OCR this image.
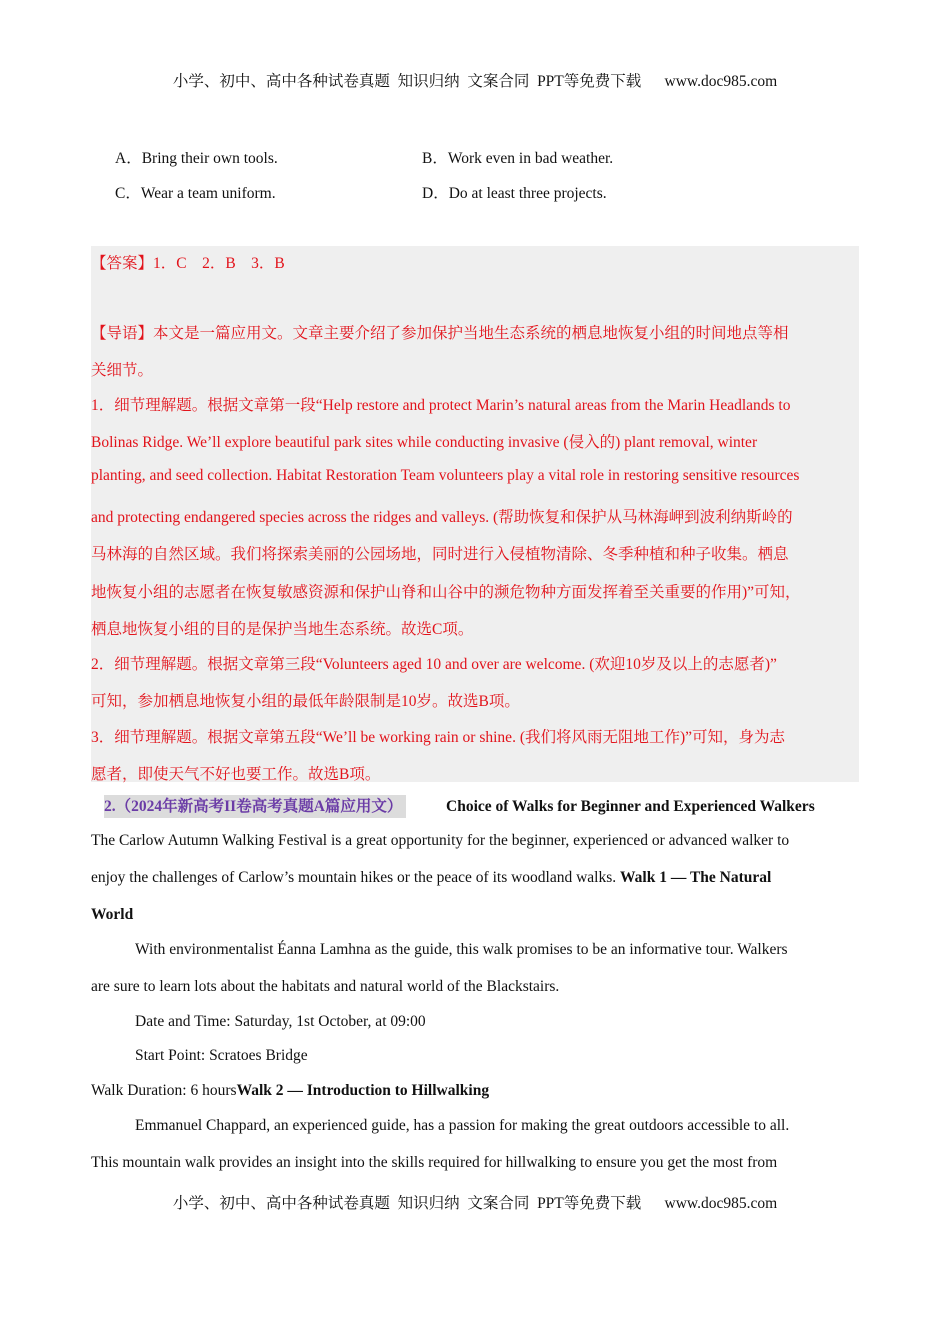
小学、初中、高中各种试卷真题  知识归纳  文案合同  PPT等免费下载      www.doc985.com
A．Bring their own tools.	B．Work even in bad weather.
C．Wear a team uniform.	D．Do at least three projects.
【答案】1．C　2．B　3．B
【导语】本文是一篇应用文。文章主要介绍了参加保护当地生态系统的栖息地恢复小组的时间地点等相
关细节。
1．细节理解题。根据文章第一段“Help restore and protect Marin’s natural areas from the Marin Headlands to
Bolinas Ridge. We’ll explore beautiful park sites while conducting invasive (侵入的) plant removal, winter
planting, and seed collection. Habitat Restoration Team volunteers play a vital role in restoring sensitive resources
and protecting endangered species across the ridges and valleys. (帮助恢复和保护从马林海岬到波利纳斯岭的
马林海的自然区域。我们将探索美丽的公园场地，同时进行入侵植物清除、冬季种植和种子收集。栖息
地恢复小组的志愿者在恢复敏感资源和保护山脊和山谷中的濒危物种方面发挥着至关重要的作用)”可知，
栖息地恢复小组的目的是保护当地生态系统。故选C项。
2．细节理解题。根据文章第三段“Volunteers aged 10 and over are welcome. (欢迎10岁及以上的志愿者)”
可知，参加栖息地恢复小组的最低年龄限制是10岁。故选B项。
3．细节理解题。根据文章第五段“We’ll be working rain or shine. (我们将风雨无阻地工作)”可知，身为志
愿者，即使天气不好也要工作。故选B项。
2.（2024年新高考II卷高考真题A篇应用文）	Choice of Walks for Beginner and Experienced Walkers
The Carlow Autumn Walking Festival is a great opportunity for the beginner, experienced or advanced walker to
enjoy the challenges of Carlow’s mountain hikes or the peace of its woodland walks. Walk 1 — The Natural
World
With environmentalist Éanna Lamhna as the guide, this walk promises to be an informative tour. Walkers
are sure to learn lots about the habitats and natural world of the Blackstairs.
Date and Time: Saturday, 1st October, at 09:00
Start Point: Scratoes Bridge
Walk Duration: 6 hoursWalk 2 — Introduction to Hillwalking
Emmanuel Chappard, an experienced guide, has a passion for making the great outdoors accessible to all.
This mountain walk provides an insight into the skills required for hillwalking to ensure you get the most from
小学、初中、高中各种试卷真题  知识归纳  文案合同  PPT等免费下载      www.doc985.com
